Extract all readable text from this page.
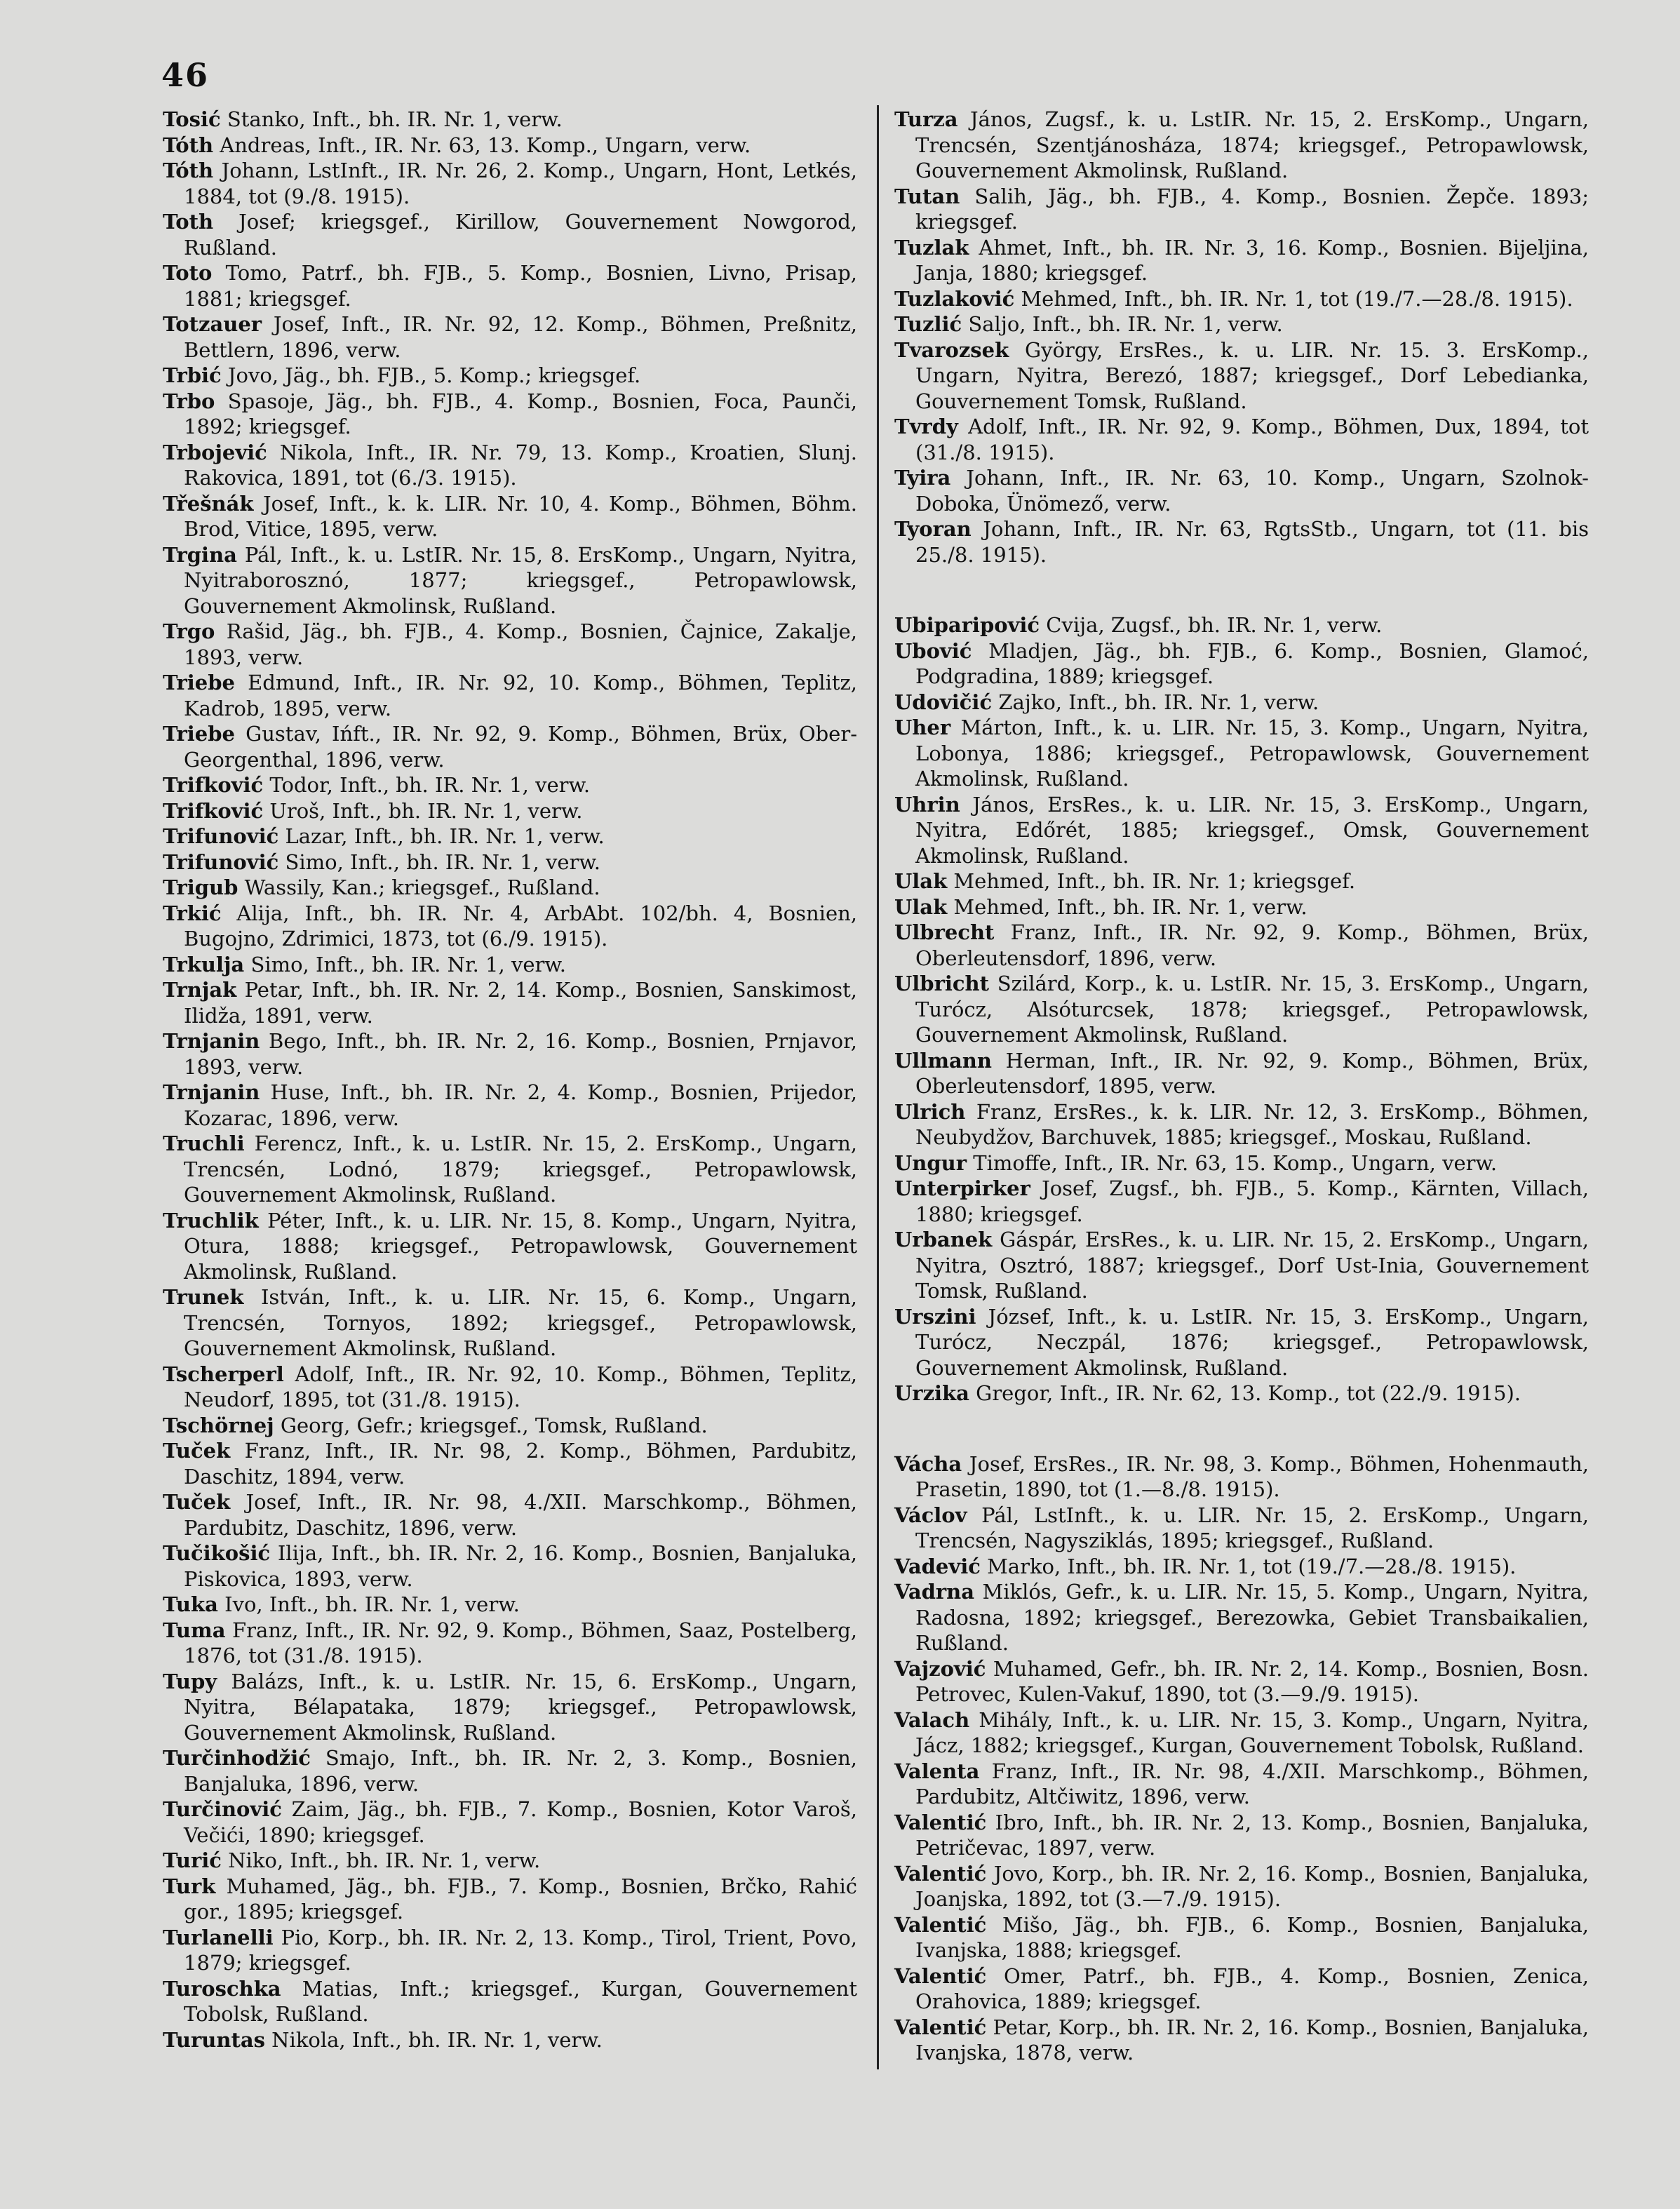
46

Tosić Stanko, Inft., bh. IR. Nr. 1, verw.

Tóth Andreas, Inft., IR. Nr. 63, 13. Komp., Ungarn, verw.

Tóth Johann, LstInft., IR. Nr. 26, 2. Komp., Ungarn, Hont, Letkés, 1884, tot (9./8. 1915).

Toth Josef; kriegsgef., Kirillow, Gouvernement Nowgorod, Rußland.

Toto Tomo, Patrf., bh. FJB., 5. Komp., Bosnien, Livno, Prisap, 1881; kriegsgef.

Totzauer Josef, Inft., IR. Nr. 92, 12. Komp., Böhmen, Preßnitz, Bettlern, 1896, verw.

Trbić Jovo, Jäg., bh. FJB., 5. Komp.; kriegsgef.

Trbo Spasoje, Jäg., bh. FJB., 4. Komp., Bosnien, Foca, Paunči, 1892; kriegsgef.

Trbojević Nikola, Inft., IR. Nr. 79, 13. Komp., Kroatien, Slunj. Rakovica, 1891, tot (6./3. 1915).

Třešnák Josef, Inft., k. k. LIR. Nr. 10, 4. Komp., Böhmen, Böhm. Brod, Vitice, 1895, verw.

Trgina Pál, Inft., k. u. LstIR. Nr. 15, 8. ErsKomp., Ungarn, Nyitra, Nyitraborosznó, 1877; kriegsgef., Petropawlowsk, Gouvernement Akmolinsk, Rußland.

Trgo Rašid, Jäg., bh. FJB., 4. Komp., Bosnien, Čajnice, Zakalje, 1893, verw.

Triebe Edmund, Inft., IR. Nr. 92, 10. Komp., Böhmen, Teplitz, Kadrob, 1895, verw.

Triebe Gustav, Ińft., IR. Nr. 92, 9. Komp., Böhmen, Brüx, Ober-Georgenthal, 1896, verw.

Trifković Todor, Inft., bh. IR. Nr. 1, verw.

Trifković Uroš, Inft., bh. IR. Nr. 1, verw.

Trifunović Lazar, Inft., bh. IR. Nr. 1, verw.

Trifunović Simo, Inft., bh. IR. Nr. 1, verw.

Trigub Wassily, Kan.; kriegsgef., Rußland.

Trkić Alija, Inft., bh. IR. Nr. 4, ArbAbt. 102/bh. 4, Bosnien, Bugojno, Zdrimici, 1873, tot (6./9. 1915).

Trkulja Simo, Inft., bh. IR. Nr. 1, verw.

Trnjak Petar, Inft., bh. IR. Nr. 2, 14. Komp., Bosnien, Sanskimost, Ilidža, 1891, verw.

Trnjanin Bego, Inft., bh. IR. Nr. 2, 16. Komp., Bosnien, Prnjavor, 1893, verw.

Trnjanin Huse, Inft., bh. IR. Nr. 2, 4. Komp., Bosnien, Prijedor, Kozarac, 1896, verw.

Truchli Ferencz, Inft., k. u. LstIR. Nr. 15, 2. ErsKomp., Ungarn, Trencsén, Lodnó, 1879; kriegsgef., Petropawlowsk, Gouvernement Akmolinsk, Rußland.

Truchlik Péter, Inft., k. u. LIR. Nr. 15, 8. Komp., Ungarn, Nyitra, Otura, 1888; kriegsgef., Petropawlowsk, Gouvernement Akmolinsk, Rußland.

Trunek István, Inft., k. u. LIR. Nr. 15, 6. Komp., Ungarn, Trencsén, Tornyos, 1892; kriegsgef., Petropawlowsk, Gouvernement Akmolinsk, Rußland.

Tscherperl Adolf, Inft., IR. Nr. 92, 10. Komp., Böhmen, Teplitz, Neudorf, 1895, tot (31./8. 1915).

Tschörnej Georg, Gefr.; kriegsgef., Tomsk, Rußland.

Tuček Franz, Inft., IR. Nr. 98, 2. Komp., Böhmen, Pardubitz, Daschitz, 1894, verw.

Tuček Josef, Inft., IR. Nr. 98, 4./XII. Marschkomp., Böhmen, Pardubitz, Daschitz, 1896, verw.

Tučikošić Ilija, Inft., bh. IR. Nr. 2, 16. Komp., Bosnien, Banjaluka, Piskovica, 1893, verw.

Tuka Ivo, Inft., bh. IR. Nr. 1, verw.

Tuma Franz, Inft., IR. Nr. 92, 9. Komp., Böhmen, Saaz, Postelberg, 1876, tot (31./8. 1915).

Tupy Balázs, Inft., k. u. LstIR. Nr. 15, 6. ErsKomp., Ungarn, Nyitra, Bélapataka, 1879; kriegsgef., Petropawlowsk, Gouvernement Akmolinsk, Rußland.

Turčinhodžić Smajo, Inft., bh. IR. Nr. 2, 3. Komp., Bosnien, Banjaluka, 1896, verw.

Turčinović Zaim, Jäg., bh. FJB., 7. Komp., Bosnien, Kotor Varoš, Večići, 1890; kriegsgef.

Turić Niko, Inft., bh. IR. Nr. 1, verw.

Turk Muhamed, Jäg., bh. FJB., 7. Komp., Bosnien, Brčko, Rahić gor., 1895; kriegsgef.

Turlanelli Pio, Korp., bh. IR. Nr. 2, 13. Komp., Tirol, Trient, Povo, 1879; kriegsgef.

Turoschka Matias, Inft.; kriegsgef., Kurgan, Gouvernement Tobolsk, Rußland.

Turuntas Nikola, Inft., bh. IR. Nr. 1, verw.

Turza János, Zugsf., k. u. LstIR. Nr. 15, 2. ErsKomp., Ungarn, Trencsén, Szentjánosháza, 1874; kriegsgef., Petropawlowsk, Gouvernement Akmolinsk, Rußland.

Tutan Salih, Jäg., bh. FJB., 4. Komp., Bosnien. Žepče. 1893; kriegsgef.

Tuzlak Ahmet, Inft., bh. IR. Nr. 3, 16. Komp., Bosnien. Bijeljina, Janja, 1880; kriegsgef.

Tuzlaković Mehmed, Inft., bh. IR. Nr. 1, tot (19./7.—28./8. 1915).

Tuzlić Saljo, Inft., bh. IR. Nr. 1, verw.

Tvarozsek György, ErsRes., k. u. LIR. Nr. 15. 3. ErsKomp., Ungarn, Nyitra, Berezó, 1887; kriegsgef., Dorf Lebedianka, Gouvernement Tomsk, Rußland.

Tvrdy Adolf, Inft., IR. Nr. 92, 9. Komp., Böhmen, Dux, 1894, tot (31./8. 1915).

Tyira Johann, Inft., IR. Nr. 63, 10. Komp., Ungarn, Szolnok-Doboka, Ünömező, verw.

Tyoran Johann, Inft., IR. Nr. 63, RgtsStb., Ungarn, tot (11. bis 25./8. 1915).

Ubiparipović Cvija, Zugsf., bh. IR. Nr. 1, verw.

Ubović Mladjen, Jäg., bh. FJB., 6. Komp., Bosnien, Glamoć, Podgradina, 1889; kriegsgef.

Udovičić Zajko, Inft., bh. IR. Nr. 1, verw.

Uher Márton, Inft., k. u. LIR. Nr. 15, 3. Komp., Ungarn, Nyitra, Lobonya, 1886; kriegsgef., Petropawlowsk, Gouvernement Akmolinsk, Rußland.

Uhrin János, ErsRes., k. u. LIR. Nr. 15, 3. ErsKomp., Ungarn, Nyitra, Edőrét, 1885; kriegsgef., Omsk, Gouvernement Akmolinsk, Rußland.

Ulak Mehmed, Inft., bh. IR. Nr. 1; kriegsgef.

Ulak Mehmed, Inft., bh. IR. Nr. 1, verw.

Ulbrecht Franz, Inft., IR. Nr. 92, 9. Komp., Böhmen, Brüx, Oberleutensdorf, 1896, verw.

Ulbricht Szilárd, Korp., k. u. LstIR. Nr. 15, 3. ErsKomp., Ungarn, Turócz, Alsóturcsek, 1878; kriegsgef., Petropawlowsk, Gouvernement Akmolinsk, Rußland.

Ullmann Herman, Inft., IR. Nr. 92, 9. Komp., Böhmen, Brüx, Oberleutensdorf, 1895, verw.

Ulrich Franz, ErsRes., k. k. LIR. Nr. 12, 3. ErsKomp., Böhmen, Neubydžov, Barchuvek, 1885; kriegsgef., Moskau, Rußland.

Ungur Timoffe, Inft., IR. Nr. 63, 15. Komp., Ungarn, verw.

Unterpirker Josef, Zugsf., bh. FJB., 5. Komp., Kärnten, Villach, 1880; kriegsgef.

Urbanek Gáspár, ErsRes., k. u. LIR. Nr. 15, 2. ErsKomp., Ungarn, Nyitra, Osztró, 1887; kriegsgef., Dorf Ust-Inia, Gouvernement Tomsk, Rußland.

Urszini József, Inft., k. u. LstIR. Nr. 15, 3. ErsKomp., Ungarn, Turócz, Neczpál, 1876; kriegsgef., Petropawlowsk, Gouvernement Akmolinsk, Rußland.

Urzika Gregor, Inft., IR. Nr. 62, 13. Komp., tot (22./9. 1915).

Vácha Josef, ErsRes., IR. Nr. 98, 3. Komp., Böhmen, Hohenmauth, Prasetin, 1890, tot (1.—8./8. 1915).

Václov Pál, LstInft., k. u. LIR. Nr. 15, 2. ErsKomp., Ungarn, Trencsén, Nagysziklás, 1895; kriegsgef., Rußland.

Vadević Marko, Inft., bh. IR. Nr. 1, tot (19./7.—28./8. 1915).

Vadrna Miklós, Gefr., k. u. LIR. Nr. 15, 5. Komp., Ungarn, Nyitra, Radosna, 1892; kriegsgef., Berezowka, Gebiet Transbaikalien, Rußland.

Vajzović Muhamed, Gefr., bh. IR. Nr. 2, 14. Komp., Bosnien, Bosn. Petrovec, Kulen-Vakuf, 1890, tot (3.—9./9. 1915).

Valach Mihály, Inft., k. u. LIR. Nr. 15, 3. Komp., Ungarn, Nyitra, Jácz, 1882; kriegsgef., Kurgan, Gouvernement Tobolsk, Rußland.

Valenta Franz, Inft., IR. Nr. 98, 4./XII. Marschkomp., Böhmen, Pardubitz, Altčiwitz, 1896, verw.

Valentić Ibro, Inft., bh. IR. Nr. 2, 13. Komp., Bosnien, Banjaluka, Petričevac, 1897, verw.

Valentić Jovo, Korp., bh. IR. Nr. 2, 16. Komp., Bosnien, Banjaluka, Joanjska, 1892, tot (3.—7./9. 1915).

Valentić Mišo, Jäg., bh. FJB., 6. Komp., Bosnien, Banjaluka, Ivanjska, 1888; kriegsgef.

Valentić Omer, Patrf., bh. FJB., 4. Komp., Bosnien, Zenica, Orahovica, 1889; kriegsgef.

Valentić Petar, Korp., bh. IR. Nr. 2, 16. Komp., Bosnien, Banjaluka, Ivanjska, 1878, verw.
